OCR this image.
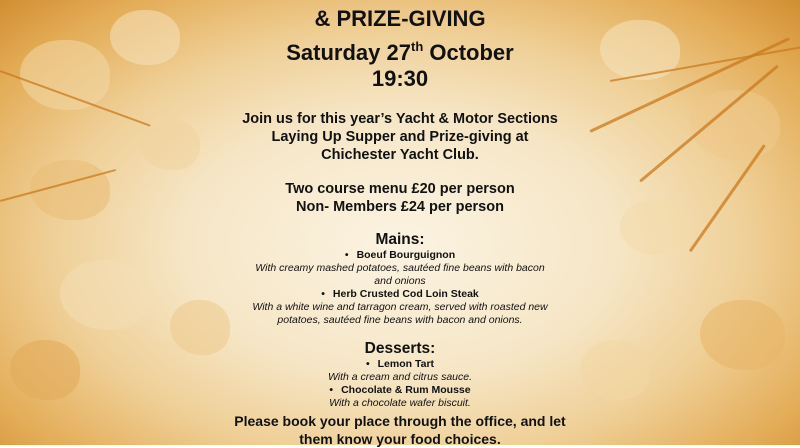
& PRIZE-GIVING
Saturday 27th October
19:30
Join us for this year’s Yacht & Motor Sections
Laying Up Supper and Prize-giving at
Chichester Yacht Club.
Two course menu £20 per person
Non- Members £24 per person
Mains:
• Boeuf Bourguignon
With creamy mashed potatoes, sautéed fine beans with bacon
and onions
• Herb Crusted Cod Loin Steak
With a white wine and tarragon cream, served with roasted new
potatoes, sautéed fine beans with bacon and onions.
Desserts:
• Lemon Tart
With a cream and citrus sauce.
• Chocolate & Rum Mousse
With a chocolate wafer biscuit.
Please book your place through the office, and let
them know your food choices.
